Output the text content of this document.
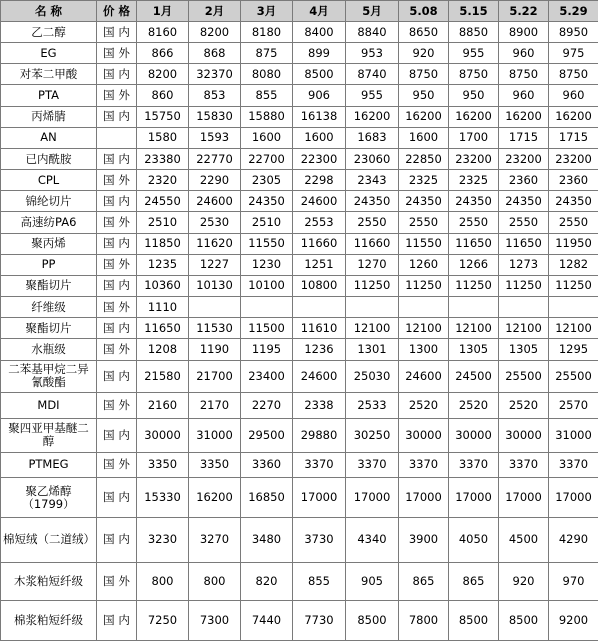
名 称	价 格	1月	2月	3月	4月	5月	5.08	5.15	5.22	5.29
乙二醇	国 内	8160	8200	8180	8400	8840	8650	8850	8900	8950
EG	国 外	866	868	875	899	953	920	955	960	975
对苯二甲酸	国 内	8200	32370	8080	8500	8740	8750	8750	8750	8750
PTA	国 外	860	853	855	906	955	950	950	960	960
丙烯腈	国 内	15750	15830	15880	16138	16200	16200	16200	16200	16200
AN		1580	1593	1600	1600	1683	1600	1700	1715	1715
已内酰胺	国 内	23380	22770	22700	22300	23060	22850	23200	23200	23200
CPL	国 外	2320	2290	2305	2298	2343	2325	2325	2360	2360
锦纶切片	国 内	24550	24600	24350	24600	24350	24350	24350	24350	24350
高速纺PA6	国 外	2510	2530	2510	2553	2550	2550	2550	2550	2550
聚丙烯	国 内	11850	11620	11550	11660	11660	11550	11650	11650	11950
PP	国 外	1235	1227	1230	1251	1270	1260	1266	1273	1282
聚酯切片	国 内	10360	10130	10100	10800	11250	11250	11250	11250	11250
纤维级	国 外	1110								
聚酯切片	国 内	11650	11530	11500	11610	12100	12100	12100	12100	12100
水瓶级	国 外	1208	1190	1195	1236	1301	1300	1305	1305	1295
二苯基甲烷二异氰酸酯	国 内	21580	21700	23400	24600	25030	24600	24500	25500	25500
MDI	国 外	2160	2170	2270	2338	2533	2520	2520	2520	2570
聚四亚甲基醚二醇	国 内	30000	31000	29500	29880	30250	30000	30000	30000	31000
PTMEG	国 外	3350	3350	3360	3370	3370	3370	3370	3370	3370
聚乙烯醇（1799）	国 内	15330	16200	16850	17000	17000	17000	17000	17000	17000
棉短绒（二道绒）	国 内	3230	3270	3480	3730	4340	3900	4050	4500	4290
木浆粕短纤级	国 外	800	800	820	855	905	865	865	920	970
棉浆粕短纤级	国 内	7250	7300	7440	7730	8500	7800	8500	8500	9200
